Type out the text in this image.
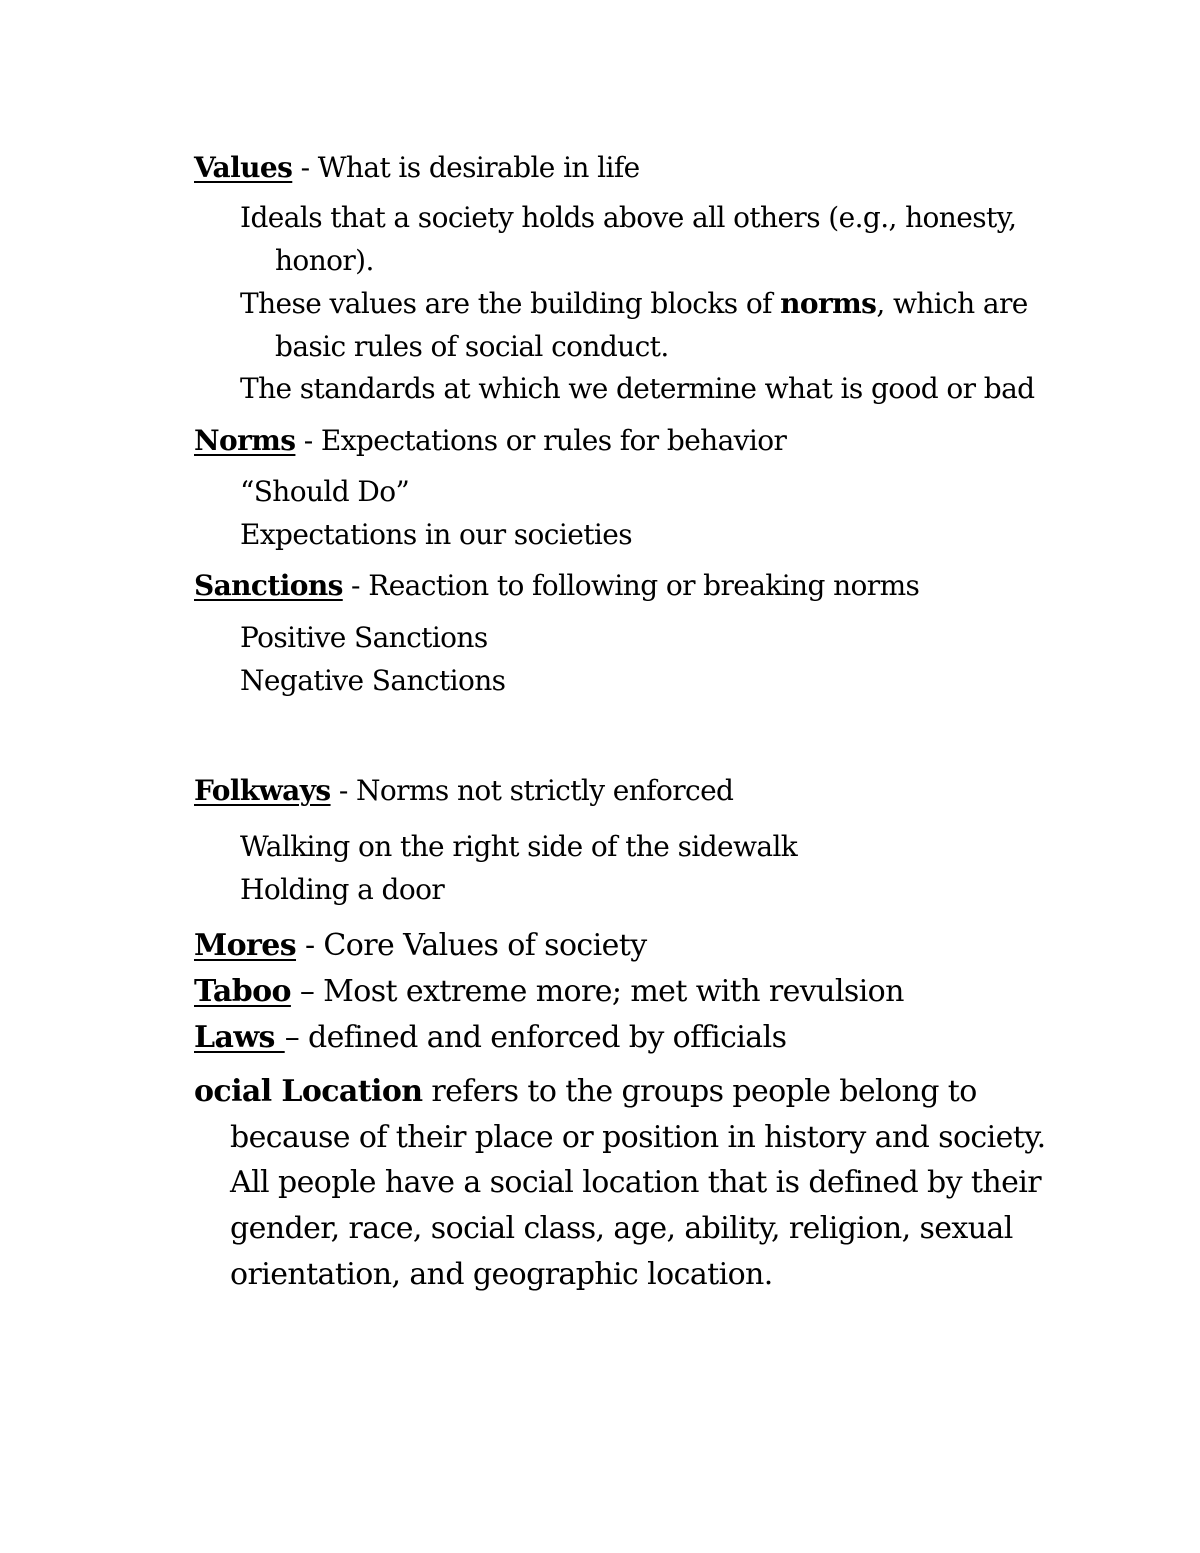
Values - What is desirable in life
Ideals that a society holds above all others (e.g., honesty,
honor).
These values are the building blocks of norms, which are
basic rules of social conduct.
The standards at which we determine what is good or bad
Norms - Expectations or rules for behavior
“Should Do”
Expectations in our societies
Sanctions - Reaction to following or breaking norms
Positive Sanctions
Negative Sanctions
Folkways - Norms not strictly enforced
Walking on the right side of the sidewalk
Holding a door
Mores - Core Values of society
Taboo – Most extreme more; met with revulsion
Laws – defined and enforced by officials
ocial Location refers to the groups people belong to
because of their place or position in history and society.
All people have a social location that is defined by their
gender, race, social class, age, ability, religion, sexual
orientation, and geographic location.
